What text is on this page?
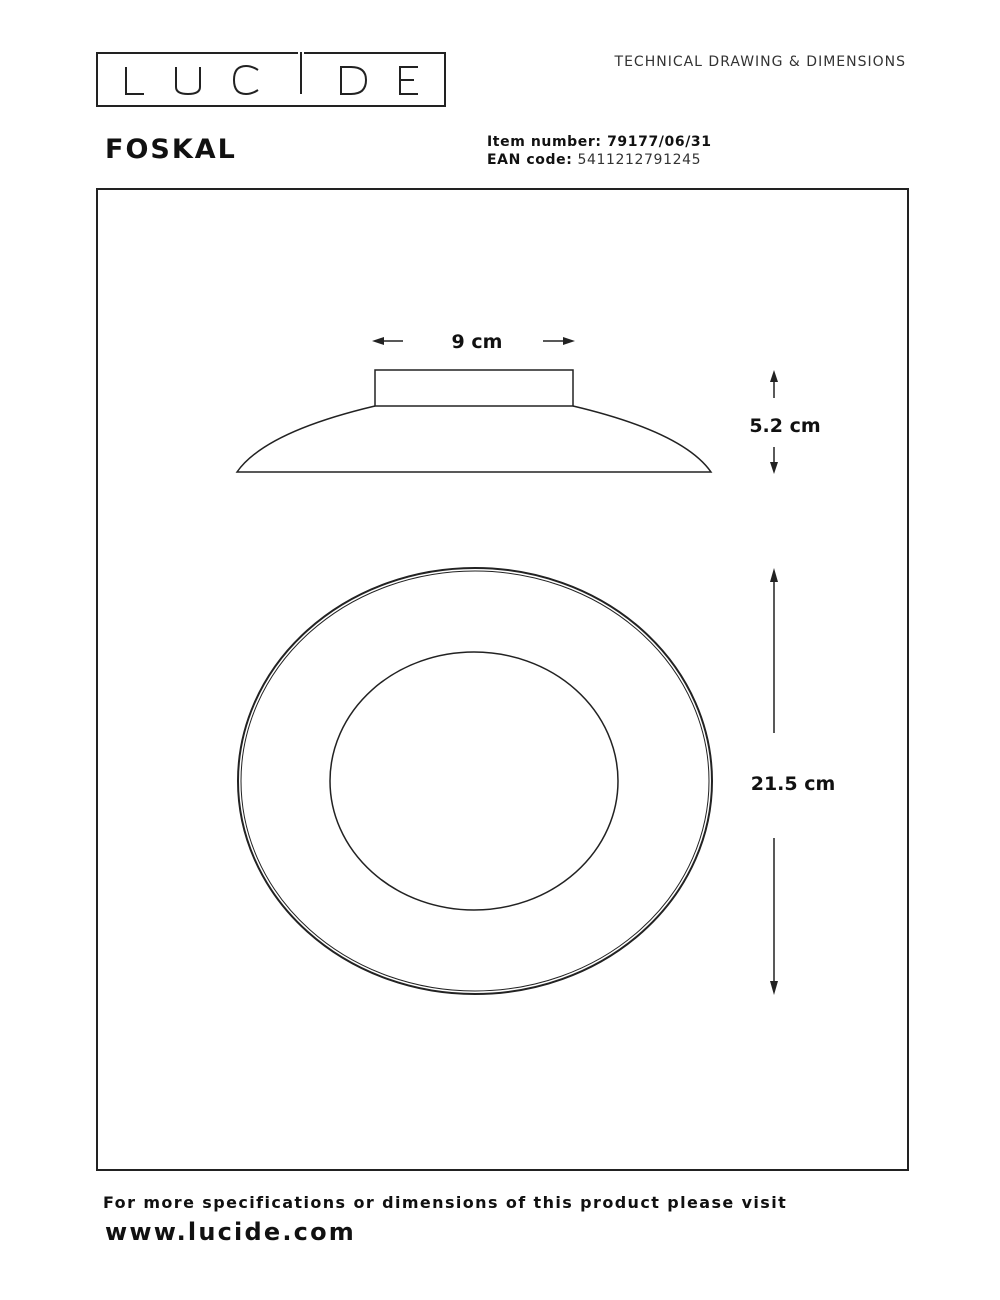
TECHNICAL DRAWING & DIMENSIONS
FOSKAL	Item number: 79177/06/31
EAN code: 5411212791245
9 cm
5.2 cm
21.5 cm
For more specifications or dimensions of this product please visit
www.lucide.com
